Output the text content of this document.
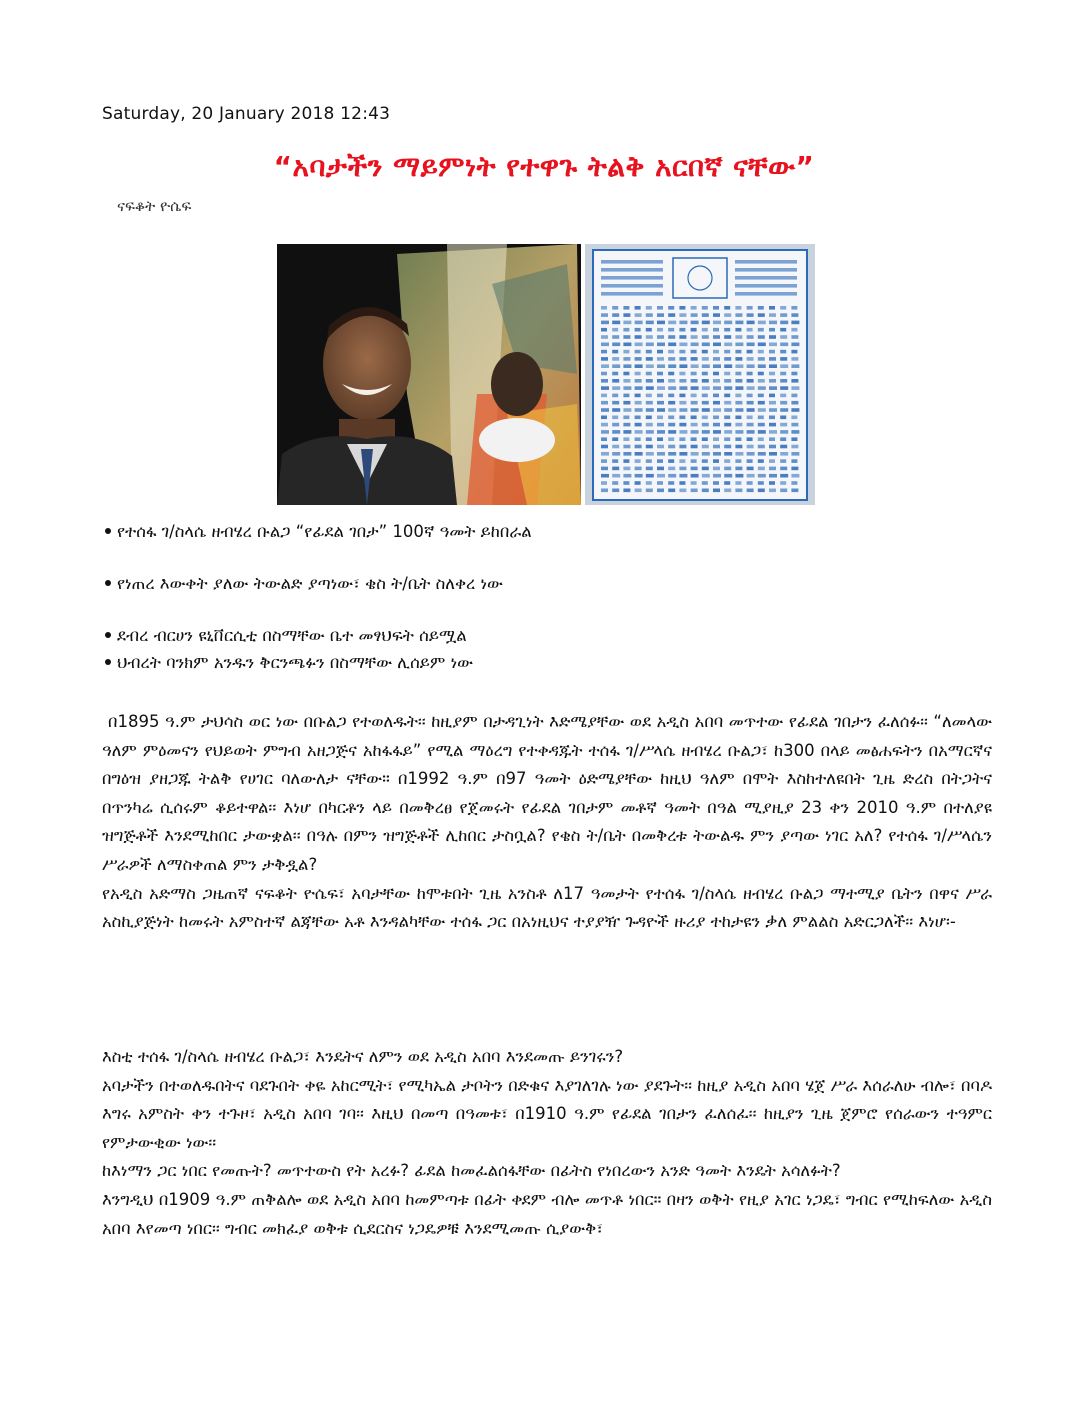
Saturday, 20 January 2018 12:43
“አባታችን ማይምነት የተዋጉ ትልቅ አርበኛ ናቸው”
ናፍቆት ዮሴፍ
የተሰፋ ገ/ስላሴ ዘብሄረ ቡልጋ “የፊደል ገበታ” 100ኛ ዓመት ይከበራል
የነጠረ እውቀት ያለው ትውልድ ያጣነው፣ ቄስ ት/ቤት ስለቀረ ነው
ደብረ ብርሀን ዩኒቨርሲቲ በስማቸው ቤተ መፃህፍት ሰይሟል
ህብረት ባንክም አንዱን ቅርንጫፉን በስማቸው ሊሰይም ነው

በ1895 ዓ.ም ታህሳስ ወር ነው በቡልጋ የተወለዱት፡፡ ከዚያም በታዳጊነት እድሜያቸው ወደ አዲስ አበባ መጥተው የፊደል ገበታን ፈለሰፉ፡፡ “ለመላው ዓለም ምዕመናን የህይወት ምግብ አዘጋጅና አከፋፋይ” የሚል ማዕረግ የተቀዳጁት ተሰፋ ገ/ሥላሴ ዘብሄረ ቡልጋ፣ ከ300 በላይ መፅሐፍትን በአማርኛና በግዕዝ ያዘጋጁ ትልቅ የሀገር ባለውለታ ናቸው። በ1992 ዓ.ም በ97 ዓመት ዕድሜያቸው ከዚህ ዓለም በሞት እስከተለዩበት ጊዜ ድረስ በትጋትና በጥንካሬ ሲሰሩም ቆይተዋል፡፡ እነሆ በካርቶን ላይ በመቅረፀ የጀመሩት የፊደል ገበታም መቶኛ ዓመት በዓል ሚያዚያ 23 ቀን 2010 ዓ.ም በተለያዩ ዝግጅቶች እንደሚከበር ታውቋል፡፡ በዓሉ በምን ዝግጅቶች ሊከበር ታስቧል? የቄስ ት/ቤት በመቅረቱ ትውልዱ ምን ያጣው ነገር አለ? የተሰፋ ገ/ሥላሴን ሥራዎች ለማስቀጠል ምን ታቅዷል?

የአዲስ አድማስ ጋዜጠኛ ናፍቆት ዮሴፍ፣ አባታቸው ከሞቱበት ጊዜ አንስቶ ለ17 ዓመታት የተሰፋ ገ/ስላሴ ዘብሄረ ቡልጋ ማተሚያ ቤትን በዋና ሥራ አስኪያጅነት ከመሩት አምስተኛ ልጃቸው አቶ እንዳልካቸው ተሰፋ ጋር በአነዚህና ተያያዥ ጉዳዮች ዙሪያ ተከታዩን ቃለ ምልልስ አድርጋለች፡፡ እነሆ፡-

እስቲ ተሰፋ ገ/ስላሴ ዘብሄረ ቡልጋ፣ እንዴትና ለምን ወደ አዲስ አበባ እንደመጡ ይንገሩን?

አባታችን በተወለዱበትና ባደጉበት ቀዬ አከርሚት፣ የሚካኤል ታቦትን በድቁና እያገለገሉ ነው ያደጉት፡፡ ከዚያ አዲስ አበባ ሄጀ ሥራ እሰራለሁ ብሎ፣ በባዶ እግሩ አምስት ቀን ተጉዞ፣ አዲስ አበባ ገባ፡፡ እዚህ በመጣ በዓመቱ፣ በ1910 ዓ.ም የፊደል ገበታን ፈለሰፈ፡፡ ከዚያን ጊዜ ጀምሮ የሰራውን ተዓምር የምታውቂው ነው፡፡

ከእነማን ጋር ነበር የመጡት? መጥተውስ የት አረፉ? ፊደል ከመፈልሰፋቸው በፊትስ የነበረውን አንድ ዓመት እንዴት አሳለፉት?

እንግዲህ በ1909 ዓ.ም ጠቅልሎ ወደ አዲስ አበባ ከመምጣቱ በፊት ቀደም ብሎ መጥቶ ነበር። በዛን ወቅት የዚያ አገር ነጋዴ፣ ግብር የሚከፍለው አዲስ አበባ እየመጣ ነበር፡፡ ግብር መክፈያ ወቅቱ ሲደርስና ነጋዴዎቹ እንደሚመጡ ሲያውቅ፣
